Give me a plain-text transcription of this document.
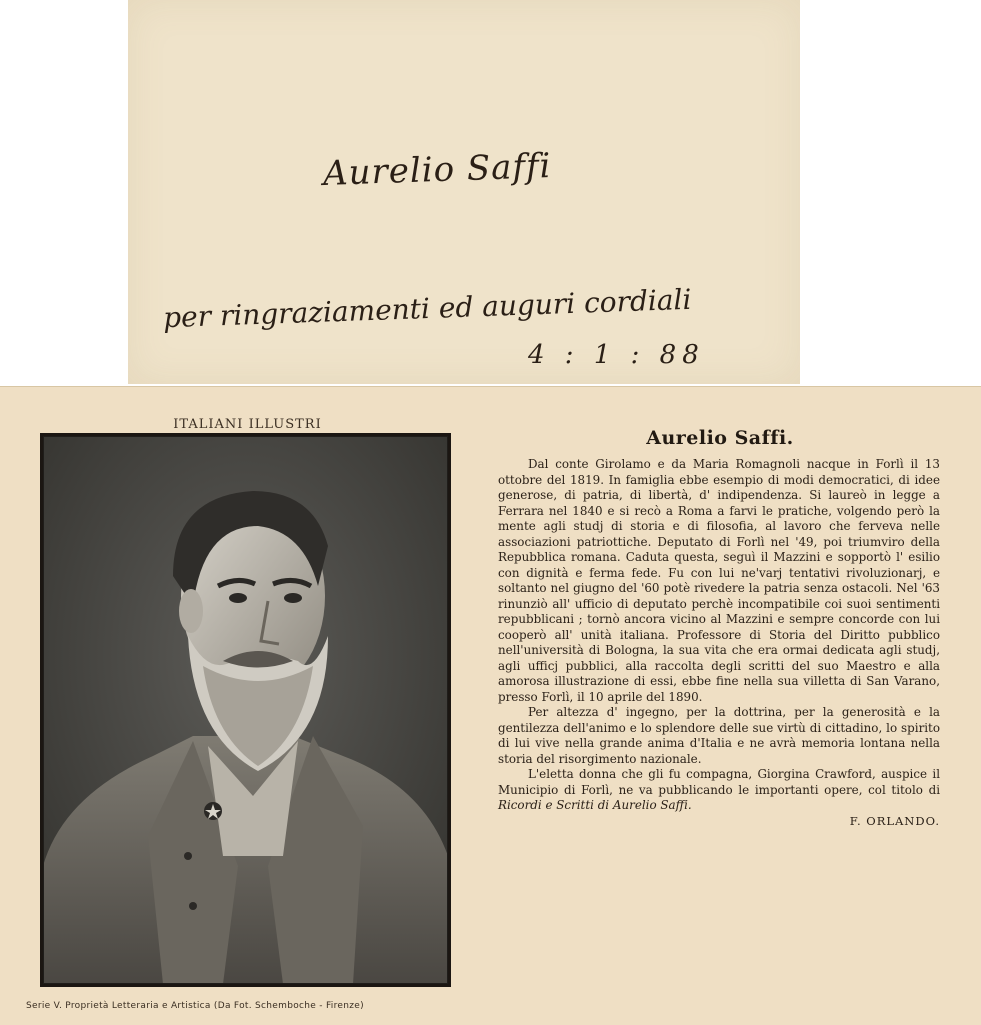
Aurelio Saffi
per ringraziamenti ed auguri cordiali
4 : 1 : 88
ITALIANI ILLUSTRI
Serie V. Proprietà Letteraria e Artistica (Da Fot. Schemboche - Firenze)
Aurelio Saffi.

Dal conte Girolamo e da Maria Romagnoli nacque in Forlì il 13 ottobre del 1819. In famiglia ebbe esempio di modi democratici, di idee generose, di patria, di libertà, d' indipendenza. Si laureò in legge a Ferrara nel 1840 e si recò a Roma a farvi le pratiche, volgendo però la mente agli studj di storia e di filosofia, al lavoro che ferveva nelle associazioni patriottiche. Deputato di Forlì nel '49, poi triumviro della Repubblica romana. Caduta questa, seguì il Mazzini e sopportò l' esilio con dignità e ferma fede. Fu con lui ne'varj tentativi rivoluzionarj, e soltanto nel giugno del '60 potè rivedere la patria senza ostacoli. Nel '63 rinunziò all' ufficio di deputato perchè incompatibile coi suoi sentimenti repubblicani ; tornò ancora vicino al Mazzini e sempre concorde con lui cooperò all' unità italiana. Professore di Storia del Diritto pubblico nell'università di Bologna, la sua vita che era ormai dedicata agli studj, agli ufficj pubblici, alla raccolta degli scritti del suo Maestro e alla amorosa illustrazione di essi, ebbe fine nella sua villetta di San Varano, presso Forlì, il 10 aprile del 1890.

Per altezza d' ingegno, per la dottrina, per la generosità e la gentilezza dell'animo e lo splendore delle sue virtù di cittadino, lo spirito di lui vive nella grande anima d'Italia e ne avrà memoria lontana nella storia del risorgimento nazionale.

L'eletta donna che gli fu compagna, Giorgina Crawford, auspice il Municipio di Forlì, ne va pubblicando le importanti opere, col titolo di Ricordi e Scritti di Aurelio Saffi.

F. ORLANDO.
